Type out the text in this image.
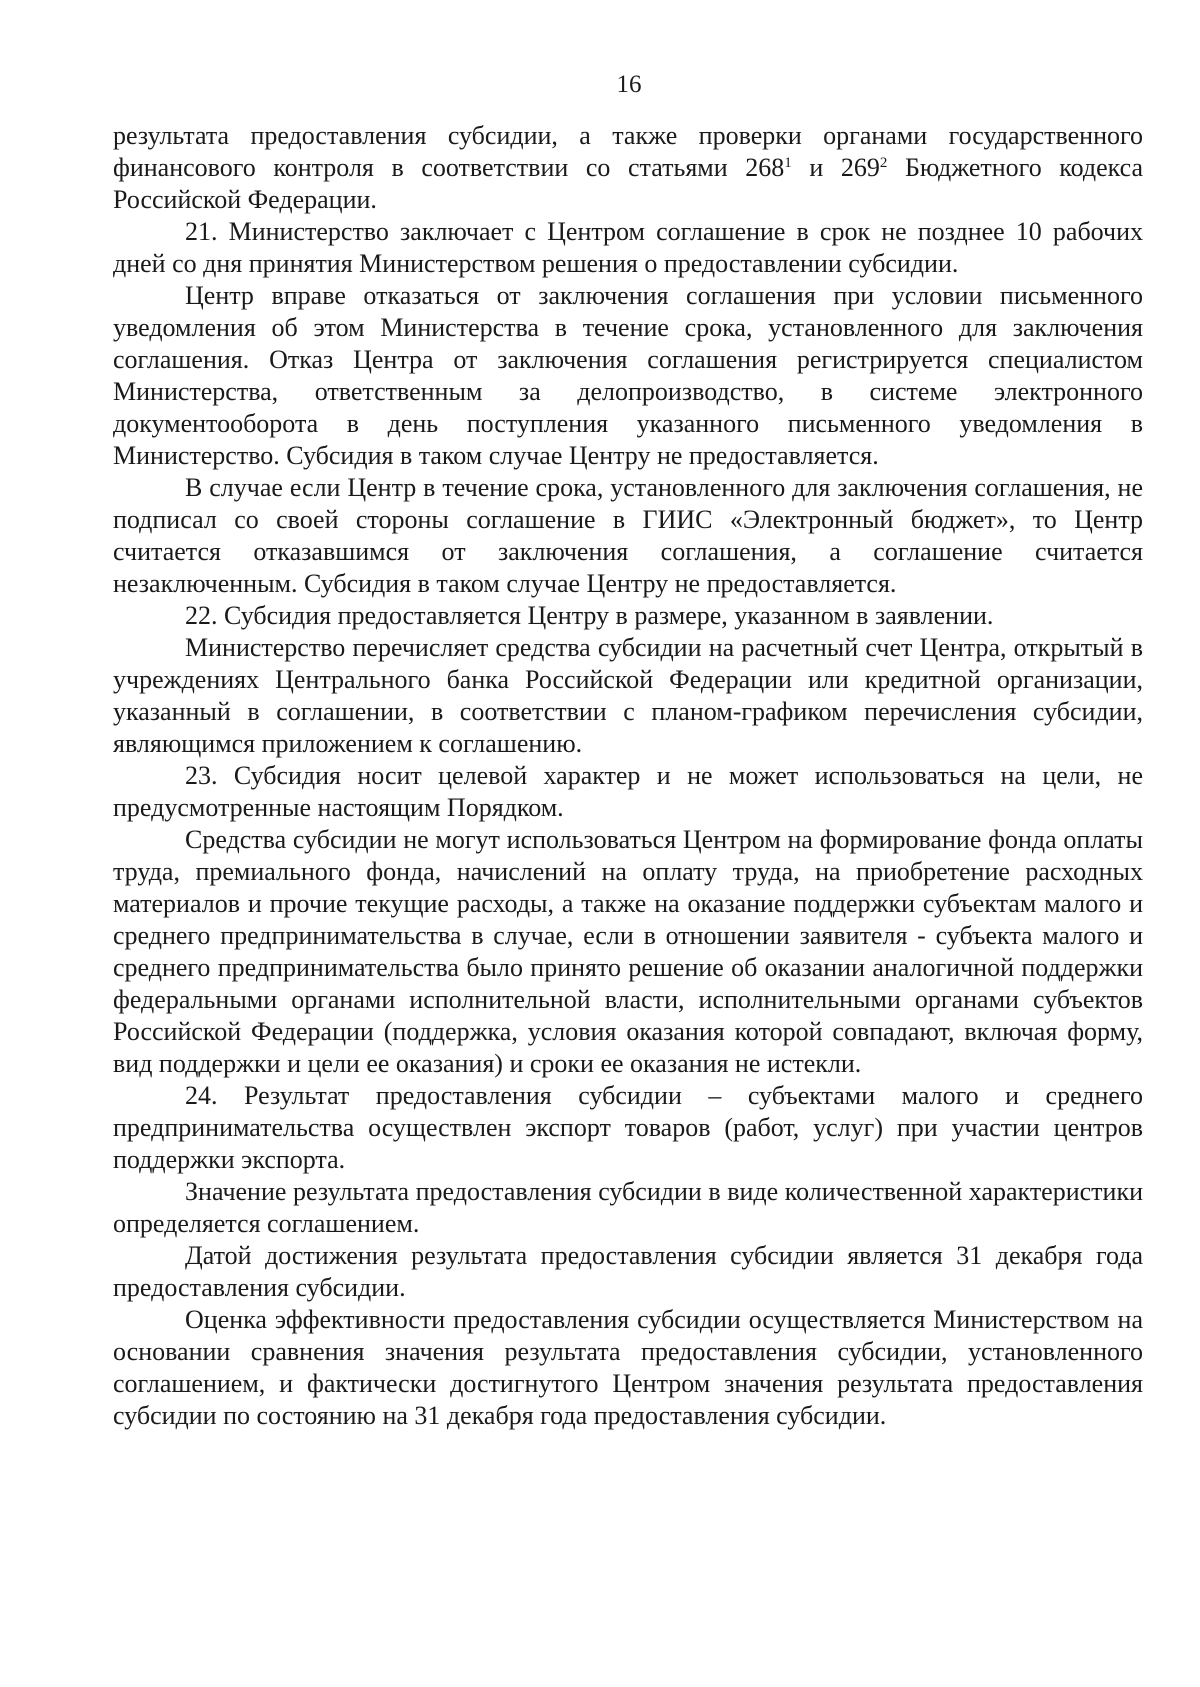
16

результата предоставления субсидии, а также проверки органами государственного финансового контроля в соответствии со статьями $268^1$ и $269^2$ Бюджетного кодекса Российской Федерации.

21. Министерство заключает с Центром соглашение в срок не позднее 10 рабочих дней со дня принятия Министерством решения о предоставлении субсидии.

Центр вправе отказаться от заключения соглашения при условии письменного уведомления об этом Министерства в течение срока, установленного для заключения соглашения. Отказ Центра от заключения соглашения регистрируется специалистом Министерства, ответственным за делопроизводство, в системе электронного документооборота в день поступления указанного письменного уведомления в Министерство. Субсидия в таком случае Центру не предоставляется.

В случае если Центр в течение срока, установленного для заключения соглашения, не подписал со своей стороны соглашение в ГИИС «Электронный бюджет», то Центр считается отказавшимся от заключения соглашения, а соглашение считается незаключенным. Субсидия в таком случае Центру не предоставляется.

22. Субсидия предоставляется Центру в размере, указанном в заявлении.

Министерство перечисляет средства субсидии на расчетный счет Центра, открытый в учреждениях Центрального банка Российской Федерации или кредитной организации, указанный в соглашении, в соответствии с планом-графиком перечисления субсидии, являющимся приложением к соглашению.

23. Субсидия носит целевой характер и не может использоваться на цели, не предусмотренные настоящим Порядком.

Средства субсидии не могут использоваться Центром на формирование фонда оплаты труда, премиального фонда, начислений на оплату труда, на приобретение расходных материалов и прочие текущие расходы, а также на оказание поддержки субъектам малого и среднего предпринимательства в случае, если в отношении заявителя - субъекта малого и среднего предпринимательства было принято решение об оказании аналогичной поддержки федеральными органами исполнительной власти, исполнительными органами субъектов Российской Федерации (поддержка, условия оказания которой совпадают, включая форму, вид поддержки и цели ее оказания) и сроки ее оказания не истекли.

24. Результат предоставления субсидии – субъектами малого и среднего предпринимательства осуществлен экспорт товаров (работ, услуг) при участии центров поддержки экспорта.

Значение результата предоставления субсидии в виде количественной характеристики определяется соглашением.

Датой достижения результата предоставления субсидии является 31 декабря года предоставления субсидии.

Оценка эффективности предоставления субсидии осуществляется Министерством на основании сравнения значения результата предоставления субсидии, установленного соглашением, и фактически достигнутого Центром значения результата предоставления субсидии по состоянию на 31 декабря года предоставления субсидии.
